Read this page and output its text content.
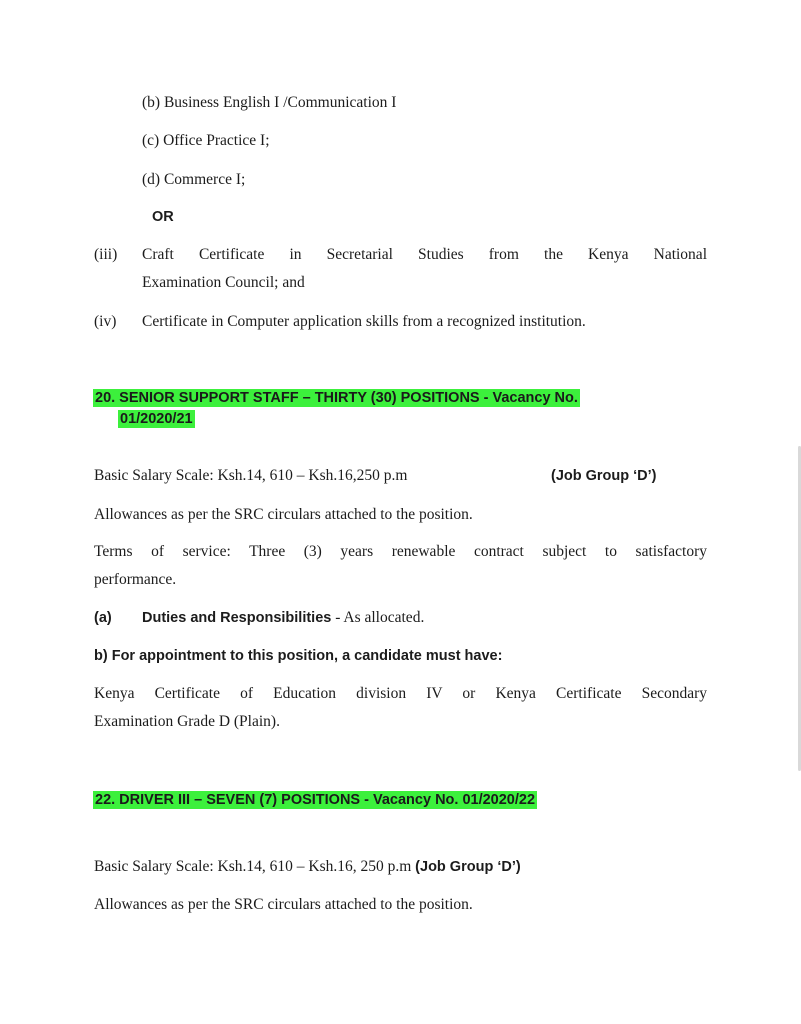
(b) Business English I /Communication I
(c) Office Practice I;
(d) Commerce I;
OR
(iii) Craft Certificate in Secretarial Studies from the Kenya National
Examination Council; and
(iv) Certificate in Computer application skills from a recognized institution.
20. SENIOR SUPPORT STAFF – THIRTY (30) POSITIONS - Vacancy No.
01/2020/21
Basic Salary Scale: Ksh.14, 610 – Ksh.16,250 p.m	(Job Group ‘D’)
Allowances as per the SRC circulars attached to the position.
Terms of service: Three (3) years renewable contract subject to satisfactory
performance.
(a) Duties and Responsibilities - As allocated.
b) For appointment to this position, a candidate must have:
Kenya Certificate of Education division IV or Kenya Certificate Secondary
Examination Grade D (Plain).
22. DRIVER III – SEVEN (7) POSITIONS - Vacancy No. 01/2020/22
Basic Salary Scale: Ksh.14, 610 – Ksh.16, 250 p.m (Job Group ‘D’)
Allowances as per the SRC circulars attached to the position.
